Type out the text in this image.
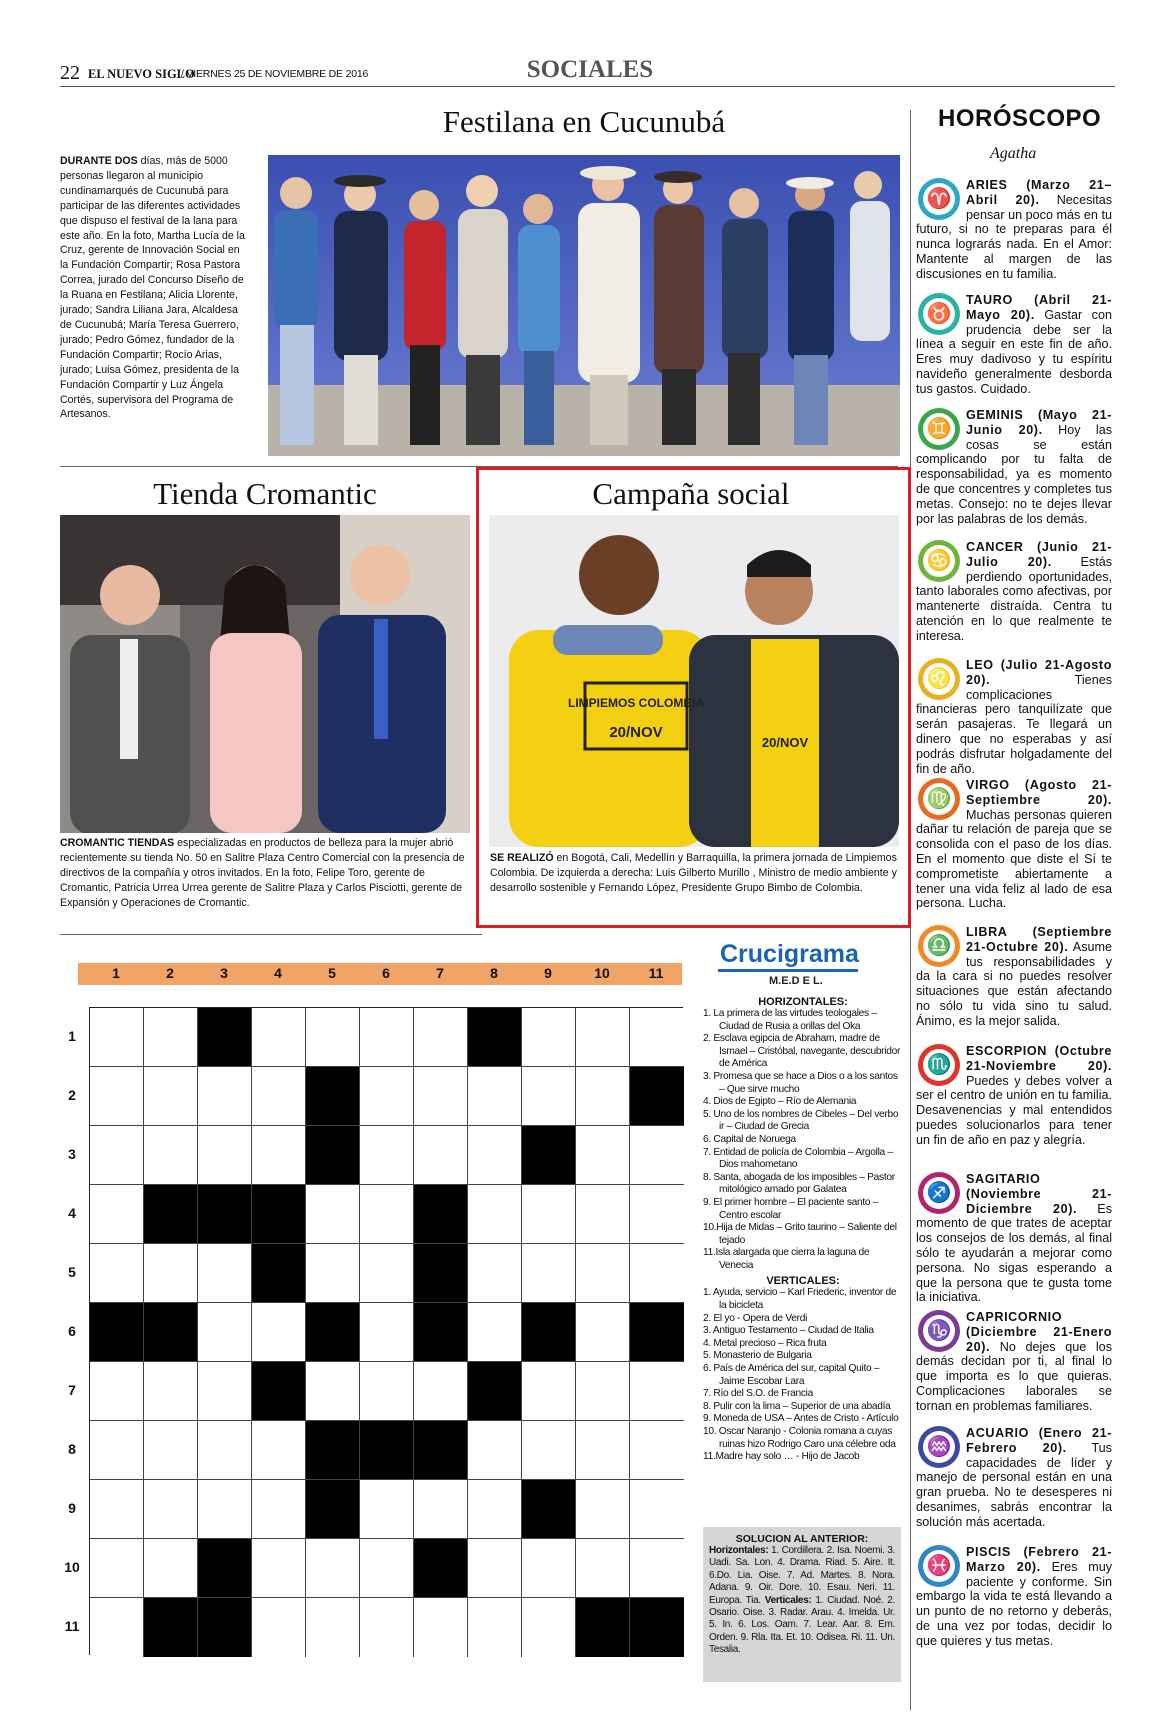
22 EL NUEVO SIGLO
/ VIERNES 25 DE NOVIEMBRE DE 2016	SOCIALES
Festilana en Cucunubá
DURANTE DOS días, más de 5000 personas llegaron al municipio cundinamarqués de Cucunubá para participar de las diferentes actividades que dispuso el festival de la lana para este año. En la foto, Martha Lucía de la Cruz, gerente de Innovación Social en la Fundación Compartir; Rosa Pastora Correa, jurado del Concurso Diseño de la Ruana en Festilana; Alicia Llorente, jurado; Sandra Liliana Jara, Alcaldesa de Cucunubá; María Teresa Guerrero, jurado; Pedro Gómez, fundador de la Fundación Compartir; Rocío Arias, jurado; Luisa Gómez, presidenta de la Fundación Compartir y Luz Ángela Cortés, supervisora del Programa de Artesanos.
Tienda Cromantic
CROMANTIC TIENDAS especializadas en productos de belleza para la mujer abrió recientemente su tienda No. 50 en Salitre Plaza Centro Comercial con la presencia de directivos de la compañía y otros invitados. En la foto, Felipe Toro, gerente de Cromantic, Patricia Urrea Urrea gerente de Salitre Plaza y Carlos Pisciotti, gerente de Expansión y Operaciones de Cromantic.
Campaña social
LIMPIEMOS COLOMBIA
20/NOV
20/NOV
SE REALIZÓ en Bogotá, Cali, Medellín y Barraquilla, la primera jornada de Limpiemos Colombia. De izquierda a derecha: Luis Gilberto Murillo , Ministro de medio ambiente y desarrollo sostenible y Fernando López, Presidente Grupo Bimbo de Colombia.
1	2	3	4	5	6	7	8	9	10	11
Crucigrama
M.E.D E L.
HORIZONTALES:
1. La primera de las virtudes teologales – Ciudad de Rusia a orillas del Oka
2. Esclava egipcia de Abraham, madre de Ismael – Cristóbal, navegante, descubridor de América
3. Promesa que se hace a Dios o a los santos – Que sirve mucho
4. Dios de Egipto – Río de Alemania
5. Uno de los nombres de Cibeles – Del verbo ir – Ciudad de Grecia
6. Capital de Noruega
7. Entidad de policía de Colombia – Argolla – Dios mahometano
8. Santa, abogada de los imposibles – Pastor mitológico amado por Galatea
9. El primer hombre – El paciente santo – Centro escolar
10.Hija de Midas – Grito taurino – Saliente del tejado
11.Isla alargada que cierra la laguna de Venecia
VERTICALES:
1. Ayuda, servicio – Karl Friederic, inventor de la bicicleta
2. El yo - Opera de Verdi
3. Antiguo Testamento – Ciudad de Italia
4. Metal precioso – Rica fruta
5. Monasterio de Bulgaria
6. País de América del sur, capital Quito – Jaime Escobar Lara
7. Río del S.O. de Francia
8. Pulir con la lima – Superior de una abadía
9. Moneda de USA – Antes de Cristo - Artículo
10. Oscar Naranjo - Colonia romana a cuyas ruinas hizo Rodrigo Caro una célebre oda
11.Madre hay solo … - Hijo de Jacob
SOLUCION AL ANTERIOR:
Horizontales: 1. Cordillera. 2. Isa. Noemi. 3. Uadi. Sa. Lon. 4. Drama. Riad. 5. Aire. It. 6.Do. Lia. Oise. 7. Ad. Martes. 8. Nora. Adana. 9. Oir. Dore. 10. Esau. Neri. 11. Europa. Tia. Verticales: 1. Ciudad. Noé. 2. Osario. Oise. 3. Radar. Arau. 4. Imelda. Ur. 5. In. 6. Los. Oam. 7. Lear. Aar. 8. Em. Orden. 9. Rla. Ita. Et. 10. Odisea. Ri. 11. Un. Tesalia.
HORÓSCOPO
Agatha
♈
ARIES (Marzo 21–Abril 20). Necesitas pensar un poco más en tu futuro, si no te preparas para él nunca lograrás nada. En el Amor: Mantente al margen de las discusiones en tu familia.
♉
TAURO (Abril 21-Mayo 20). Gastar con prudencia debe ser la línea a seguir en este fin de año. Eres muy dadivoso y tu espíritu navideño generalmente desborda tus gastos. Cuidado.
♊
GEMINIS (Mayo 21-Junio 20). Hoy las cosas se están complicando por tu falta de responsabilidad, ya es momento de que concentres y completes tus metas. Consejo: no te dejes llevar por las palabras de los demás.
♋
CANCER (Junio 21-Julio 20). Estás perdiendo oportunidades, tanto laborales como afectivas, por mantenerte distraída. Centra tu atención en lo que realmente te interesa.
♌
LEO (Julio 21-Agosto 20). Tienes complicaciones financieras pero tanquilízate que serán pasajeras. Te llegará un dinero que no esperabas y así podrás disfrutar holgadamente del fin de año.
♍
VIRGO (Agosto 21-Septiembre 20). Muchas personas quieren dañar tu relación de pareja que se consolida con el paso de los días. En el momento que diste el Sí te comprometiste abiertamente a tener una vida feliz al lado de esa persona. Lucha.
♎
LIBRA (Septiembre 21-Octubre 20). Asume tus responsabilidades y da la cara si no puedes resolver situaciones que están afectando no sólo tu vida sino tu salud. Ánimo, es la mejor salida.
♏
ESCORPION (Octubre 21-Noviembre 20). Puedes y debes volver a ser el centro de unión en tu familia. Desavenencias y mal entendidos puedes solucionarlos para tener un fin de año en paz y alegría.
♐
SAGITARIO (Noviembre 21-Diciembre 20). Es momento de que trates de aceptar los consejos de los demás, al final sólo te ayudarán a mejorar como persona. No sigas esperando a que la persona que te gusta tome la iniciativa.
♑
CAPRICORNIO (Diciembre 21-Enero 20). No dejes que los demás decidan por ti, al final lo que importa es lo que quieras. Complicaciones laborales se tornan en problemas familiares.
♒
ACUARIO (Enero 21-Febrero 20). Tus capacidades de líder y manejo de personal están en una gran prueba. No te desesperes ni desanimes, sabrás encontrar la solución más acertada.
♓
PISCIS (Febrero 21-Marzo 20). Eres muy paciente y conforme. Sin embargo la vida te está llevando a un punto de no retorno y deberás, de una vez por todas, decidir lo que quieres y tus metas.
1
2
3
4
5
6
7
8
9
10
11
